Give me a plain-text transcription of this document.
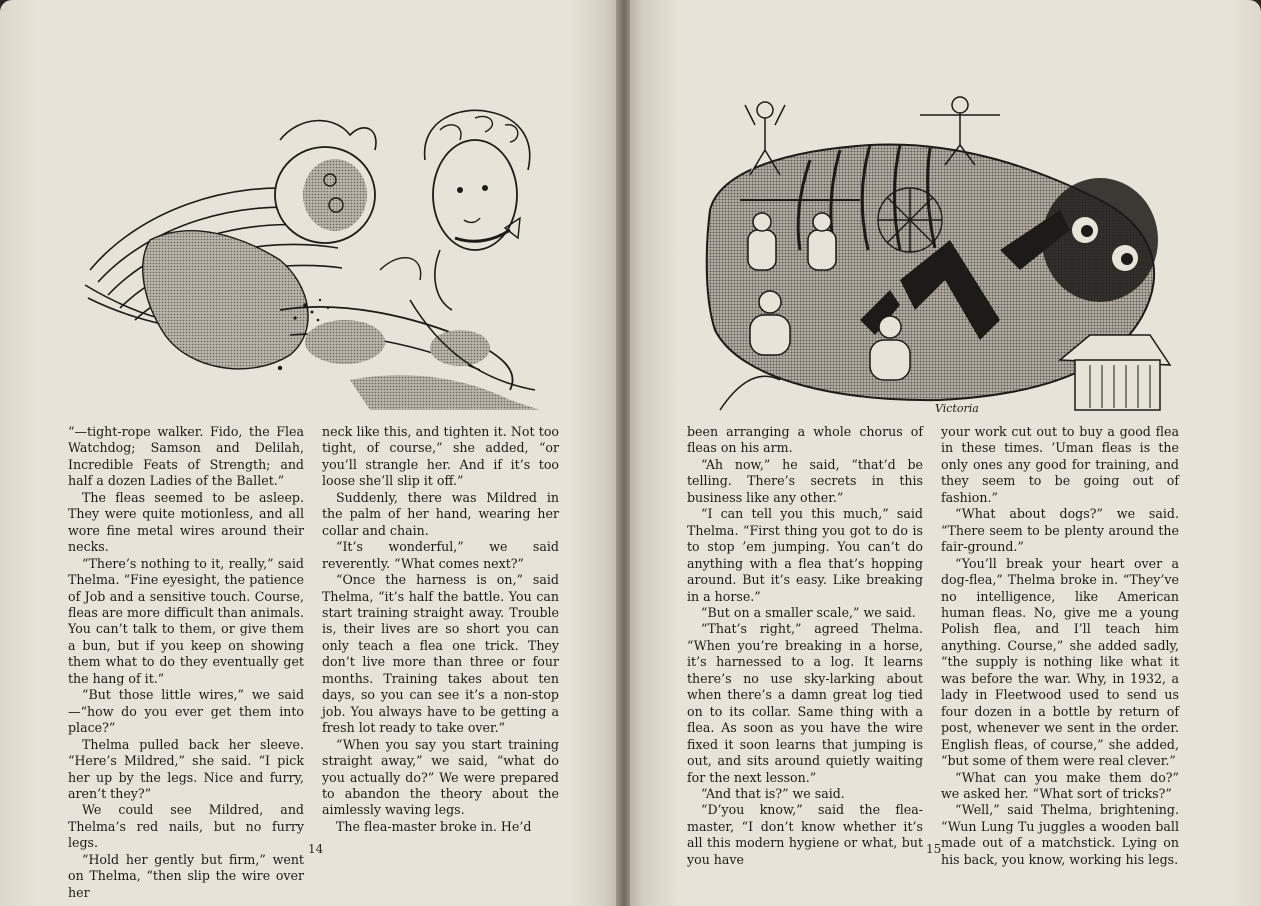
“—tight-rope walker. Fido, the Flea Watchdog; Samson and Delilah, Incredible Feats of Strength; and half a dozen Ladies of the Ballet.”

The fleas seemed to be asleep. They were quite motionless, and all wore fine metal wires around their necks.

“There’s nothing to it, really,” said Thelma. “Fine eyesight, the patience of Job and a sensitive touch. Course, fleas are more difficult than animals. You can’t talk to them, or give them a bun, but if you keep on showing them what to do they eventually get the hang of it.”

“But those little wires,” we said—“how do you ever get them into place?”

Thelma pulled back her sleeve. “Here’s Mildred,” she said. “I pick her up by the legs. Nice and furry, aren’t they?”

We could see Mildred, and Thelma’s red nails, but no furry legs.

“Hold her gently but firm,” went on Thelma, “then slip the wire over her

neck like this, and tighten it. Not too tight, of course,” she added, “or you’ll strangle her. And if it’s too loose she’ll slip it off.”

Suddenly, there was Mildred in the palm of her hand, wearing her collar and chain.

“It’s wonderful,” we said reverently. “What comes next?”

“Once the harness is on,” said Thelma, “it’s half the battle. You can start training straight away. Trouble is, their lives are so short you can only teach a flea one trick. They don’t live more than three or four months. Training takes about ten days, so you can see it’s a non-stop job. You always have to be getting a fresh lot ready to take over.”

“When you say you start training straight away,” we said, “what do you actually do?” We were prepared to abandon the theory about the aimlessly waving legs.

The flea-master broke in. He’d

14
Victoria

been arranging a whole chorus of fleas on his arm.

“Ah now,” he said, “that’d be telling. There’s secrets in this business like any other.”

“I can tell you this much,” said Thelma. “First thing you got to do is to stop ’em jumping. You can’t do anything with a flea that’s hopping around. But it’s easy. Like breaking in a horse.”

“But on a smaller scale,” we said.

“That’s right,” agreed Thelma. “When you’re breaking in a horse, it’s harnessed to a log. It learns there’s no use sky-larking about when there’s a damn great log tied on to its collar. Same thing with a flea. As soon as you have the wire fixed it soon learns that jumping is out, and sits around quietly waiting for the next lesson.”

“And that is?” we said.

“D’you know,” said the flea-master, “I don’t know whether it’s all this modern hygiene or what, but you have

your work cut out to buy a good flea in these times. ’Uman fleas is the only ones any good for training, and they seem to be going out of fashion.”

“What about dogs?” we said. “There seem to be plenty around the fair-ground.”

“You’ll break your heart over a dog-flea,” Thelma broke in. “They’ve no intelligence, like American human fleas. No, give me a young Polish flea, and I’ll teach him anything. Course,” she added sadly, “the supply is nothing like what it was before the war. Why, in 1932, a lady in Fleetwood used to send us four dozen in a bottle by return of post, whenever we sent in the order. English fleas, of course,” she added, “but some of them were real clever.”

“What can you make them do?” we asked her. “What sort of tricks?”

“Well,” said Thelma, brightening. “Wun Lung Tu juggles a wooden ball made out of a matchstick. Lying on his back, you know, working his legs.

15
